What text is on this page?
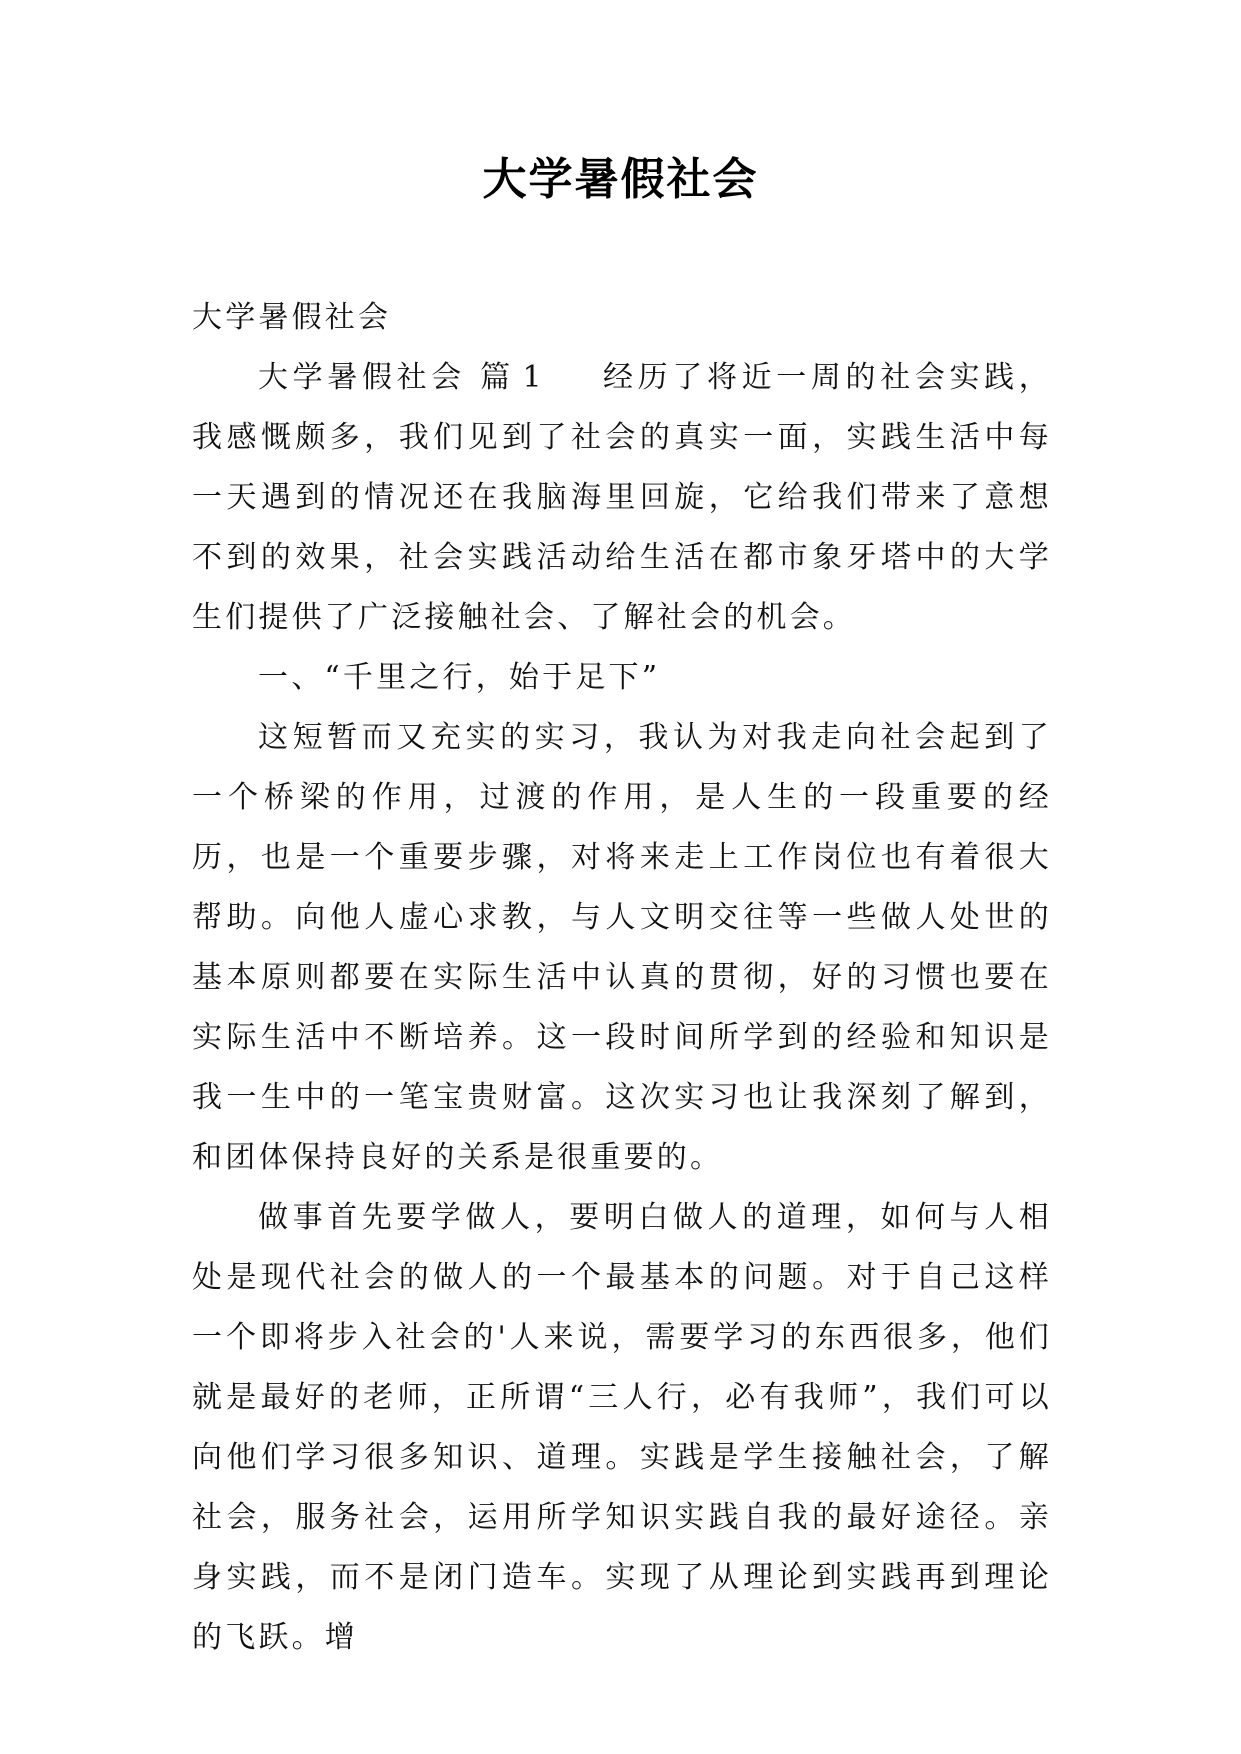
大学暑假社会

大学暑假社会

大学暑假社会 篇 1 经历了将近一周的社会实践，我感慨颇多，我们见到了社会的真实一面，实践生活中每一天遇到的情况还在我脑海里回旋，它给我们带来了意想不到的效果，社会实践活动给生活在都市象牙塔中的大学生们提供了广泛接触社会、了解社会的机会。

一、“千里之行，始于足下”

这短暂而又充实的实习，我认为对我走向社会起到了一个桥梁的作用，过渡的作用，是人生的一段重要的经历，也是一个重要步骤，对将来走上工作岗位也有着很大帮助。向他人虚心求教，与人文明交往等一些做人处世的基本原则都要在实际生活中认真的贯彻，好的习惯也要在实际生活中不断培养。这一段时间所学到的经验和知识是我一生中的一笔宝贵财富。这次实习也让我深刻了解到，和团体保持良好的关系是很重要的。

做事首先要学做人，要明白做人的道理，如何与人相处是现代社会的做人的一个最基本的问题。对于自己这样一个即将步入社会的'人来说，需要学习的东西很多，他们就是最好的老师，正所谓“三人行，必有我师”，我们可以向他们学习很多知识、道理。实践是学生接触社会，了解社会，服务社会，运用所学知识实践自我的最好途径。亲身实践，而不是闭门造车。实现了从理论到实践再到理论的飞跃。增
